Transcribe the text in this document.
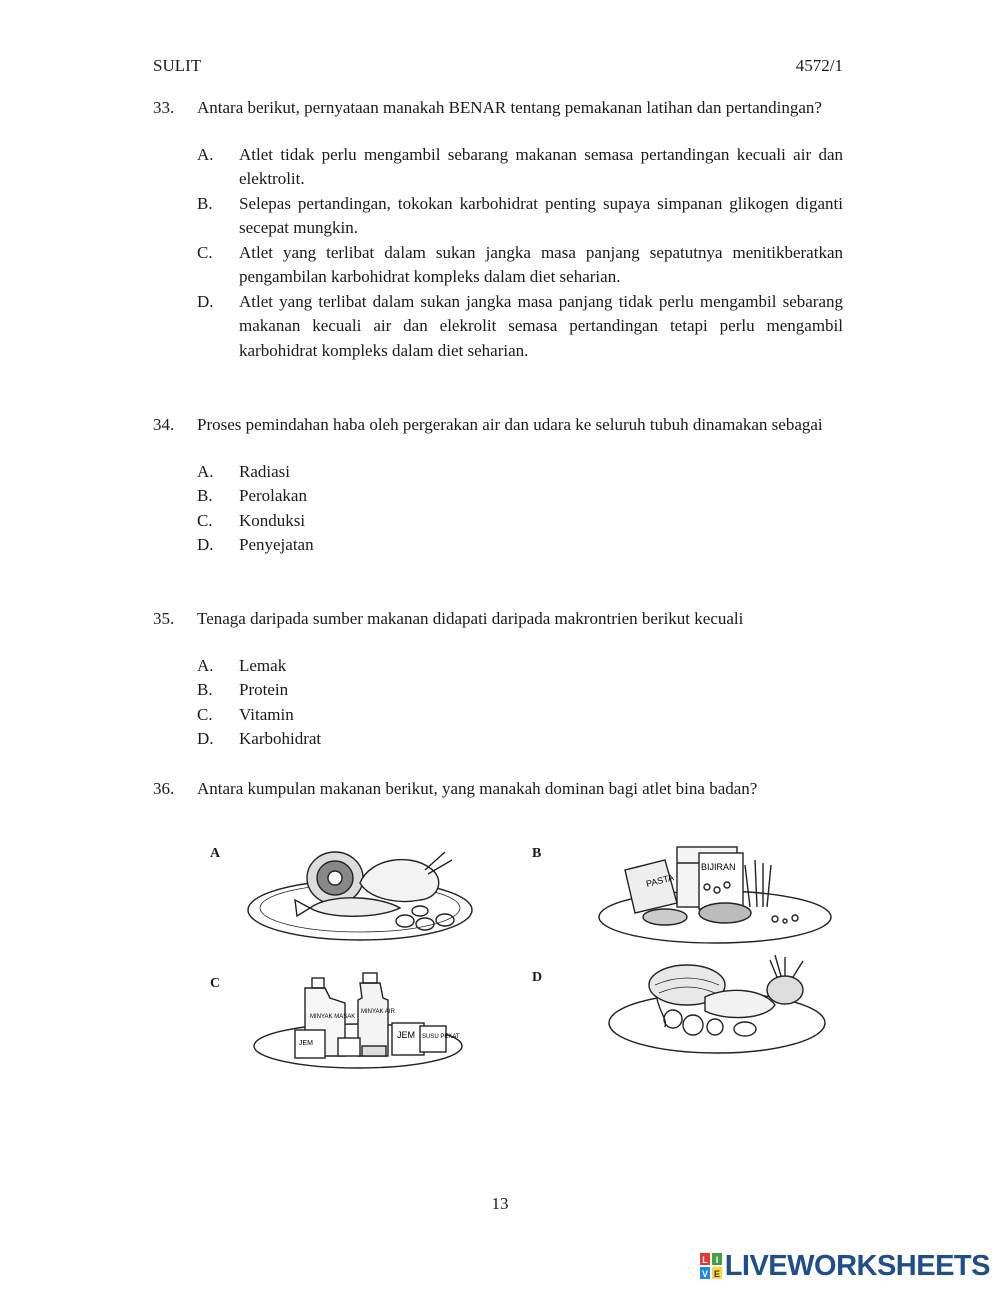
SULIT	4572/1
33. Antara berikut, pernyataan manakah BENAR tentang pemakanan latihan dan pertandingan?
A. Atlet tidak perlu mengambil sebarang makanan semasa pertandingan kecuali air dan elektrolit.
B. Selepas pertandingan, tokokan karbohidrat penting supaya simpanan glikogen diganti secepat mungkin.
C. Atlet yang terlibat dalam sukan jangka masa panjang sepatutnya menitikberatkan pengambilan karbohidrat kompleks dalam diet seharian.
D. Atlet yang terlibat dalam sukan jangka masa panjang tidak perlu mengambil sebarang makanan kecuali air dan elekrolit semasa pertandingan tetapi perlu mengambil karbohidrat kompleks dalam diet seharian.
34. Proses pemindahan haba oleh pergerakan air dan udara ke seluruh tubuh dinamakan sebagai
A. Radiasi
B. Perolakan
C. Konduksi
D. Penyejatan
35. Tenaga daripada sumber makanan didapati daripada makrontrien berikut kecuali
A. Lemak
B. Protein
C. Vitamin
D. Karbohidrat
36. Antara kumpulan makanan berikut, yang manakah dominan bagi atlet bina badan?
A	B
PASTA
BIJIRAN
C
MINYAK MASAK
MINYAK AIR
JEM
JEM SUSU PEKAT
D
13
L I
V E LIVEWORKSHEETS
